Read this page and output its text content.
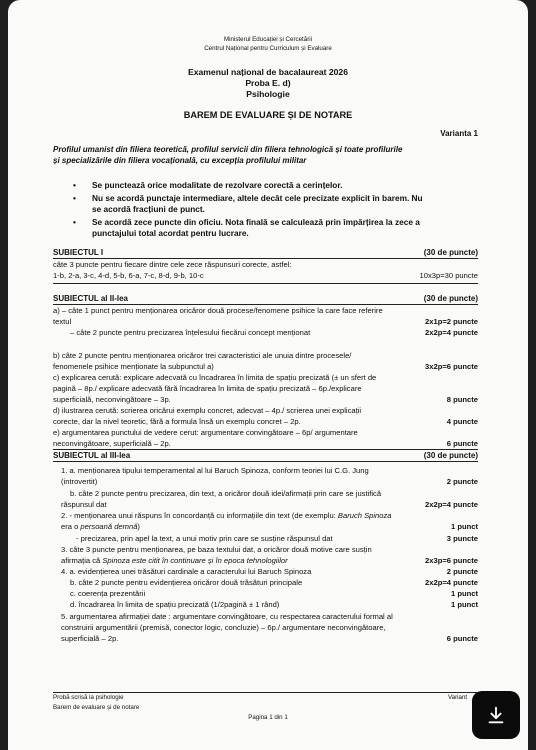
Ministerul Educației și Cercetării
Centrul Național pentru Curriculum și Evaluare
Examenul național de bacalaureat 2026
Proba E. d)
Psihologie
BAREM DE EVALUARE ȘI DE NOTARE
Varianta 1
Profilul umanist din filiera teoretică, profilul servicii din filiera tehnologică și toate profilurile
și specializările din filiera vocațională, cu excepția profilului militar
• Se punctează orice modalitate de rezolvare corectă a cerințelor.
• Nu se acordă punctaje intermediare, altele decât cele precizate explicit în barem. Nu
se acordă fracțiuni de punct.
• Se acordă zece puncte din oficiu. Nota finală se calculează prin împărțirea la zece a
punctajului total acordat pentru lucrare.
SUBIECTUL I	(30 de puncte)
câte 3 puncte pentru fiecare dintre cele zece răspunsuri corecte, astfel:
1-b, 2-a, 3-c, 4-d, 5-b, 6-a, 7-c, 8-d, 9-b, 10-c	10x3p=30 puncte
SUBIECTUL al II-lea	(30 de puncte)
a) – câte 1 punct pentru menționarea oricăror două procese/fenomene psihice la care face referire
textul	2x1p=2 puncte
– câte 2 puncte pentru precizarea înțelesului fiecărui concept menționat	2x2p=4 puncte
b) câte 2 puncte pentru menționarea oricăror trei caracteristici ale unuia dintre procesele/
fenomenele psihice menționate la subpunctul a)	3x2p=6 puncte
c) explicarea cerută: explicare adecvată cu încadrarea în limita de spațiu precizată (± un sfert de
pagină – 8p./ explicare adecvată fără încadrarea în limita de spațiu precizată – 6p./explicare
superficială, neconvingătoare – 3p.	8 puncte
d) ilustrarea cerută: scrierea oricărui exemplu concret, adecvat – 4p./ scrierea unei explicații
corecte, dar la nivel teoretic, fără a formula însă un exemplu concret – 2p.	4 puncte
e) argumentarea punctului de vedere cerut: argumentare convingătoare – 6p/ argumentare
neconvingătoare, superficială – 2p.	6 puncte
SUBIECTUL al III-lea	(30 de puncte)
1. a. menționarea tipului temperamental al lui Baruch Spinoza, conform teoriei lui C.G. Jung
(introvertit)	2 puncte
b. câte 2 puncte pentru precizarea, din text, a oricăror două idei/afirmații prin care se justifică
răspunsul dat	2x2p=4 puncte
2. - menționarea unui răspuns în concordanță cu informațiile din text (de exemplu: Baruch Spinoza
era o persoană demnă)	1 punct
- precizarea, prin apel la text, a unui motiv prin care se susține răspunsul dat	3 puncte
3. câte 3 puncte pentru menționarea, pe baza textului dat, a oricăror două motive care susțin
afirmația că Spinoza este citit în continuare și în epoca tehnologiilor	2x3p=6 puncte
4. a. evidențierea unei trăsături cardinale a caracterului lui Baruch Spinoza	2 puncte
b. câte 2 puncte pentru evidențierea oricăror două trăsături principale	2x2p=4 puncte
c. coerența prezentării	1 punct
d. încadrarea în limita de spațiu precizată (1/2pagină ± 1 rând)	1 punct
5. argumentarea afirmației date : argumentare convingătoare, cu respectarea caracterului formal al
construirii argumentării (premisă, conector logic, concluzie) – 6p./ argumentare neconvingătoare,
superficială – 2p.	6 puncte
Probă scrisă la psihologie
Barem de evaluare și de notare
Variant
Pagina 1 din 1
